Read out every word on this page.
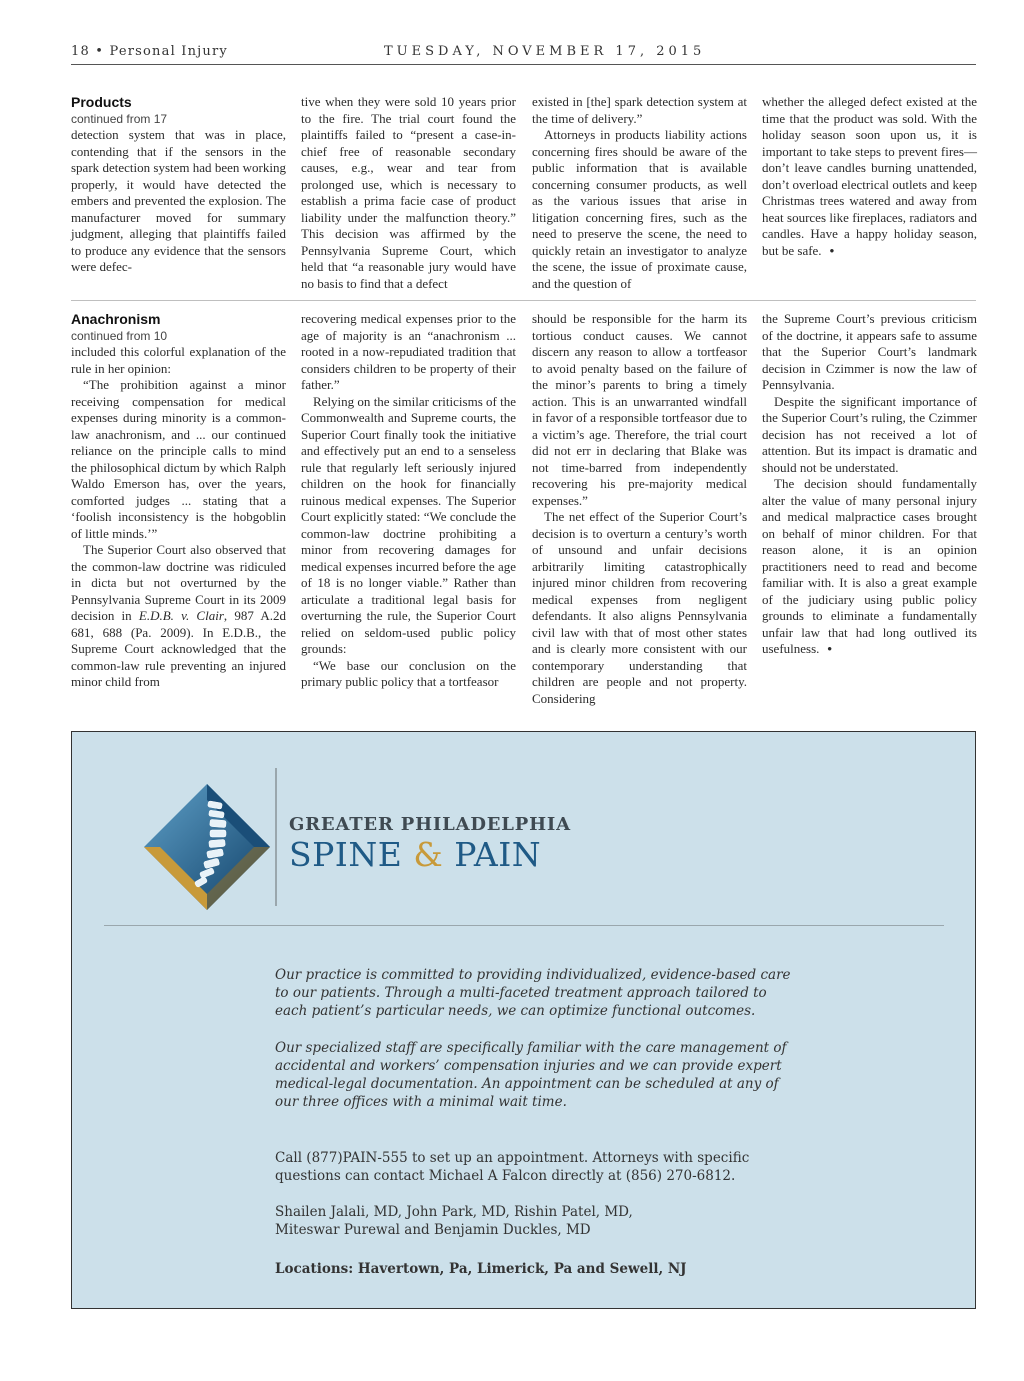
18 • Personal Injury	TUESDAY, NOVEMBER 17, 2015

Products

continued from 17

detection system that was in place, contending that if the sensors in the spark detection system had been working properly, it would have detected the embers and prevented the explosion. The manufacturer moved for summary judgment, alleging that plaintiffs failed to produce any evidence that the sensors were defec-

tive when they were sold 10 years prior to the fire. The trial court found the plaintiffs failed to “present a case-in-chief free of reasonable secondary causes, e.g., wear and tear from prolonged use, which is necessary to establish a prima facie case of product liability under the malfunction theory.” This decision was affirmed by the Pennsylvania Supreme Court, which held that “a reasonable jury would have no basis to find that a defect

existed in [the] spark detection system at the time of delivery.”

Attorneys in products liability actions concerning fires should be aware of the public information that is available concerning consumer products, as well as the various issues that arise in litigation concerning fires, such as the need to preserve the scene, the need to quickly retain an investigator to analyze the scene, the issue of proximate cause, and the question of

whether the alleged defect existed at the time that the product was sold. With the holiday season soon upon us, it is important to take steps to prevent fires—don’t leave candles burning unattended, don’t overload electrical outlets and keep Christmas trees watered and away from heat sources like fireplaces, radiators and candles. Have a happy holiday season, but be safe. •

Anachronism

continued from 10

included this colorful explanation of the rule in her opinion:

“The prohibition against a minor receiving compensation for medical expenses during minority is a common-law anachronism, and ... our continued reliance on the principle calls to mind the philosophical dictum by which Ralph Waldo Emerson has, over the years, comforted judges ... stating that a ‘foolish inconsistency is the hobgoblin of little minds.’”

The Superior Court also observed that the common-law doctrine was ridiculed in dicta but not overturned by the Pennsylvania Supreme Court in its 2009 decision in E.D.B. v. Clair, 987 A.2d 681, 688 (Pa. 2009). In E.D.B., the Supreme Court acknowledged that the common-law rule preventing an injured minor child from

recovering medical expenses prior to the age of majority is an “anachronism ... rooted in a now-repudiated tradition that considers children to be property of their father.”

Relying on the similar criticisms of the Commonwealth and Supreme courts, the Superior Court finally took the initiative and effectively put an end to a senseless rule that regularly left seriously injured children on the hook for financially ruinous medical expenses. The Superior Court explicitly stated: “We conclude the common-law doctrine prohibiting a minor from recovering damages for medical expenses incurred before the age of 18 is no longer viable.” Rather than articulate a traditional legal basis for overturning the rule, the Superior Court relied on seldom-used public policy grounds:

“We base our conclusion on the primary public policy that a tortfeasor

should be responsible for the harm its tortious conduct causes. We cannot discern any reason to allow a tortfeasor to avoid penalty based on the failure of the minor’s parents to bring a timely action. This is an unwarranted windfall in favor of a responsible tortfeasor due to a victim’s age. Therefore, the trial court did not err in declaring that Blake was not time-barred from independently recovering his pre-majority medical expenses.”

The net effect of the Superior Court’s decision is to overturn a century’s worth of unsound and unfair decisions arbitrarily limiting catastrophically injured minor children from recovering medical expenses from negligent defendants. It also aligns Pennsylvania civil law with that of most other states and is clearly more consistent with our contemporary understanding that children are people and not property. Considering

the Supreme Court’s previous criticism of the doctrine, it appears safe to assume that the Superior Court’s landmark decision in Czimmer is now the law of Pennsylvania.

Despite the significant importance of the Superior Court’s ruling, the Czimmer decision has not received a lot of attention. But its impact is dramatic and should not be understated.

The decision should fundamentally alter the value of many personal injury and medical malpractice cases brought on behalf of minor children. For that reason alone, it is an opinion practitioners need to read and become familiar with. It is also a great example of the judiciary using public policy grounds to eliminate a fundamentally unfair law that had long outlived its usefulness. •

GREATER PHILADELPHIA
SPINE & PAIN
Our practice is committed to providing individualized, evidence-based care to our patients. Through a multi-faceted treatment approach tailored to each patient’s particular needs, we can optimize functional outcomes.
Our specialized staff are specifically familiar with the care management of accidental and workers’ compensation injuries and we can provide expert medical-legal documentation. An appointment can be scheduled at any of our three offices with a minimal wait time.
Call (877)PAIN-555 to set up an appointment. Attorneys with specific questions can contact Michael A Falcon directly at (856) 270-6812.
Shailen Jalali, MD, John Park, MD, Rishin Patel, MD, Miteswar Purewal and Benjamin Duckles, MD
Locations: Havertown, Pa, Limerick, Pa and Sewell, NJ
